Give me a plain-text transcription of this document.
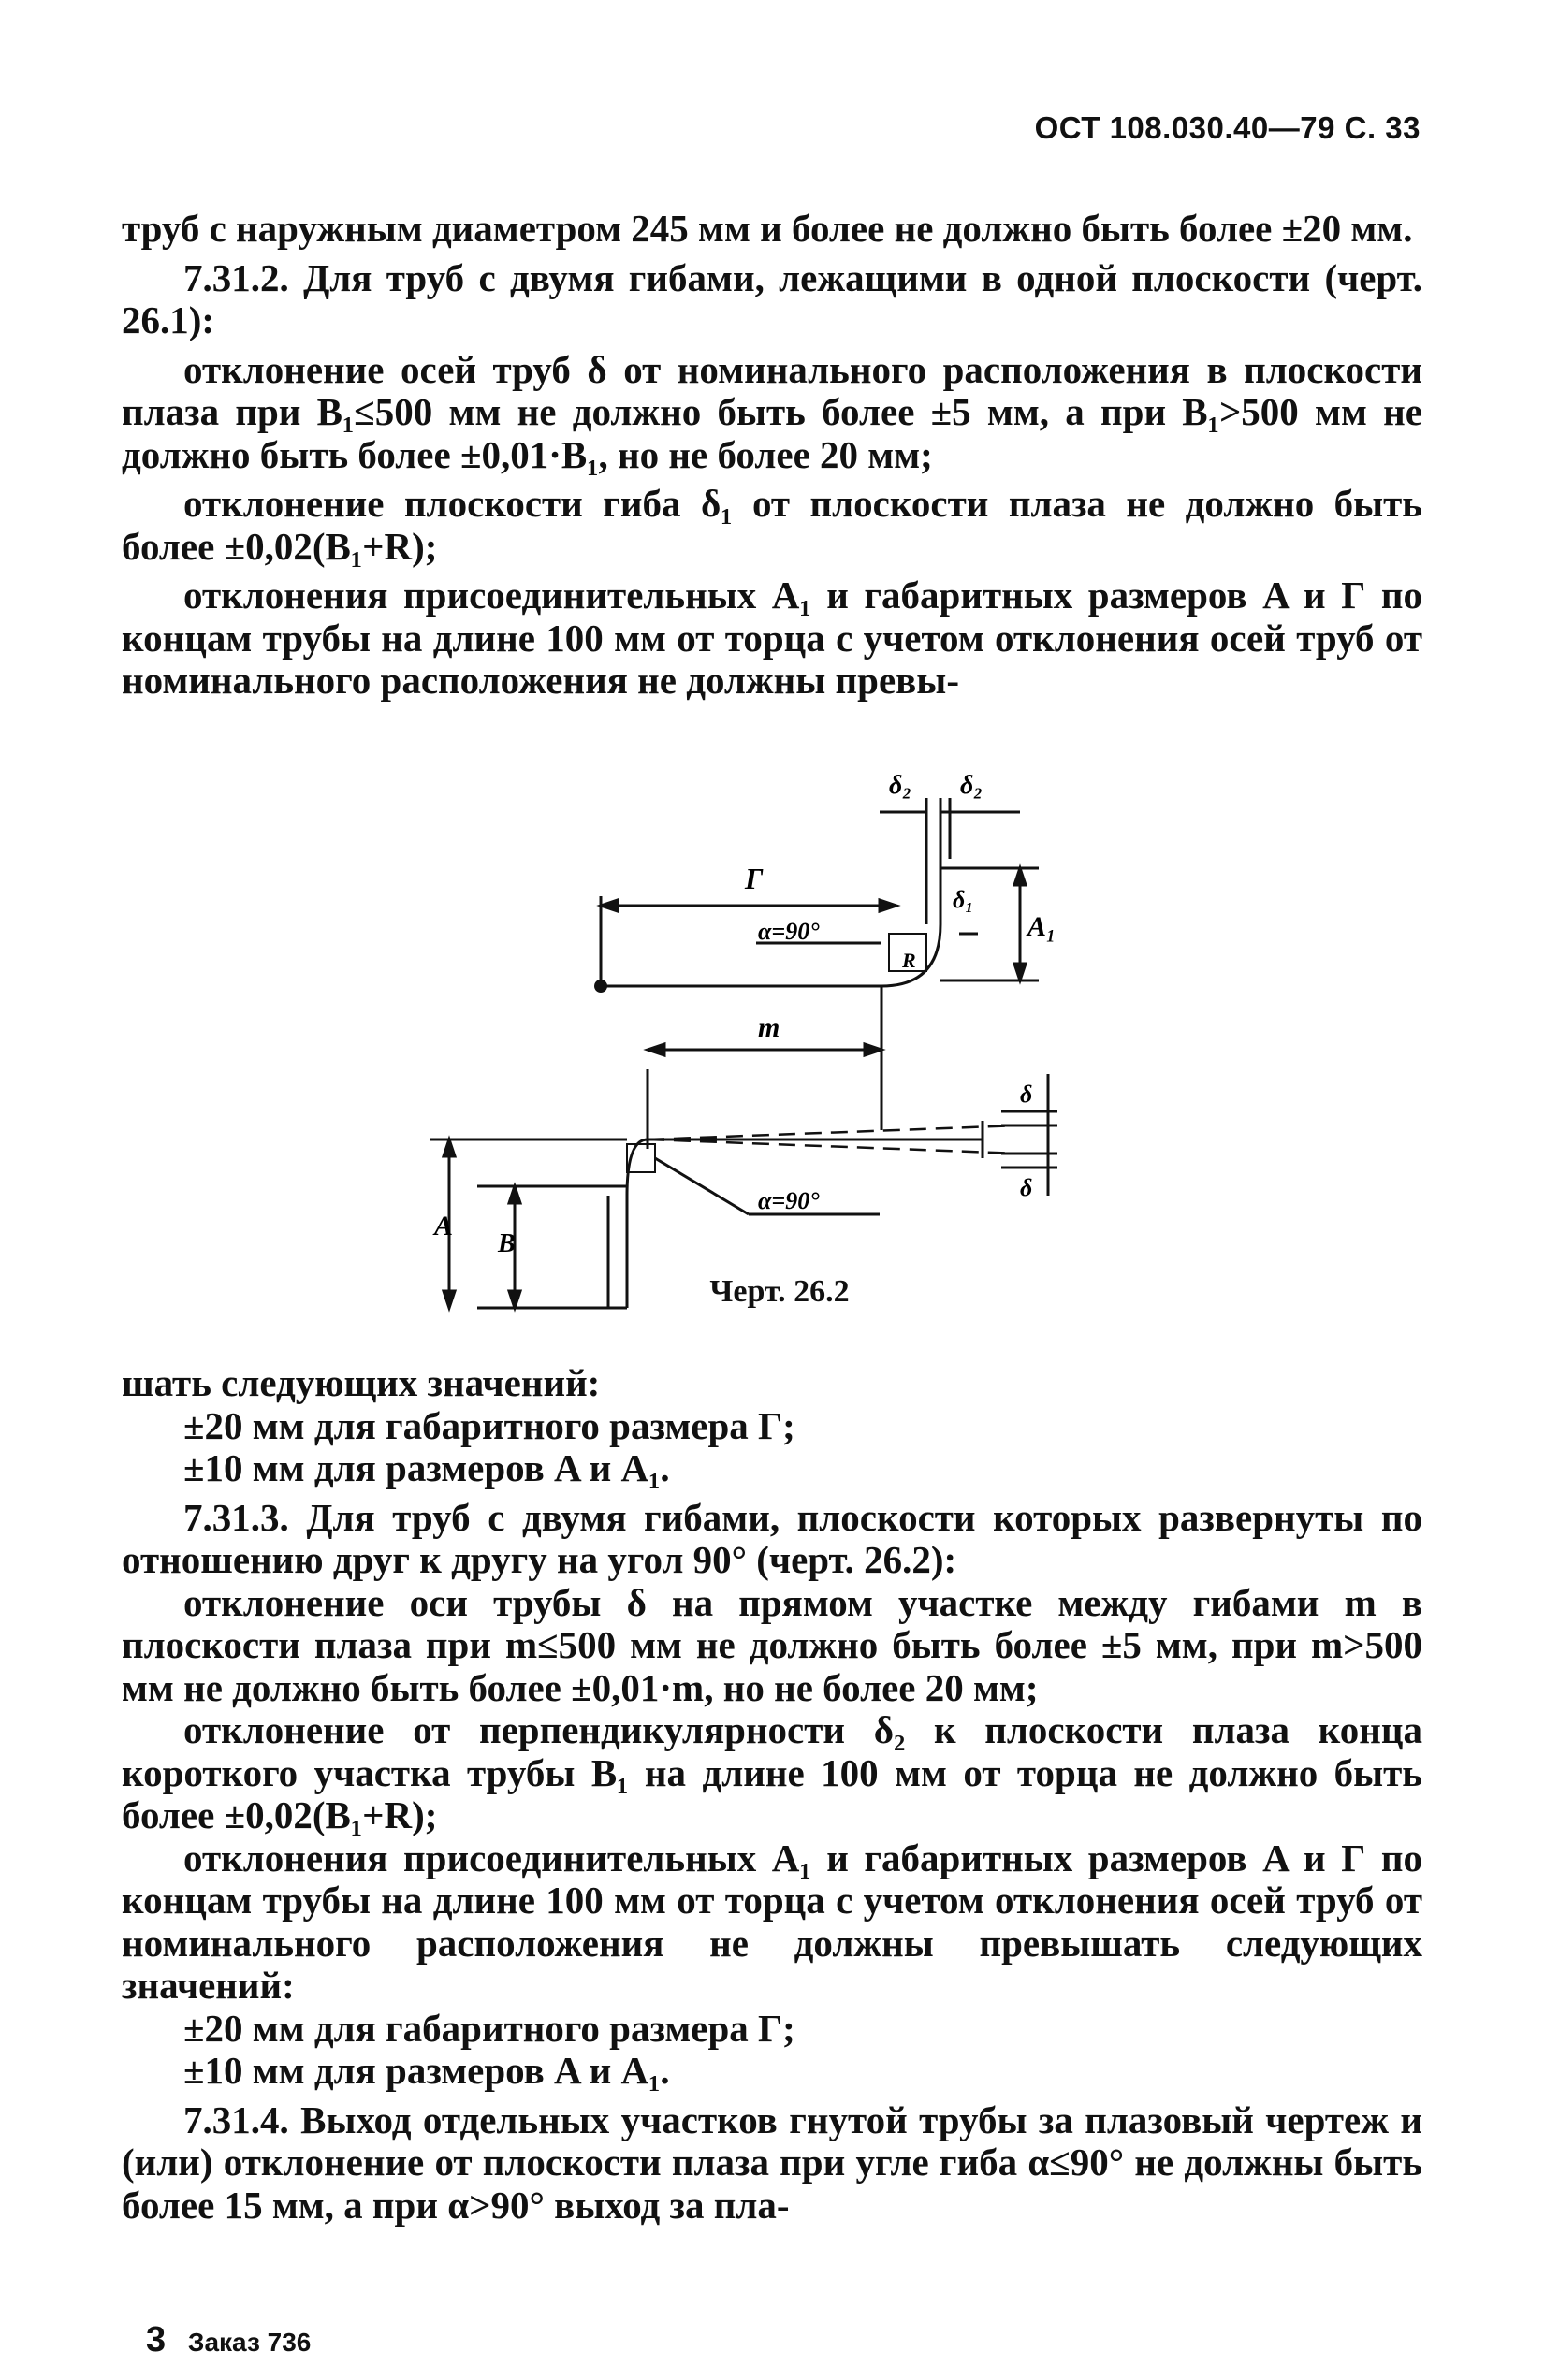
ОСТ 108.030.40—79 С. 33

труб с наружным диаметром 245 мм и более не должно быть более ±20 мм.

7.31.2. Для труб с двумя гибами, лежащими в одной плоскости (черт. 26.1):

отклонение осей труб δ от номинального расположения в плоскости плаза при B₁≤500 мм не должно быть более ±5 мм, а при B₁>500 мм не должно быть более ±0,01·B₁, но не более 20 мм;

отклонение плоскости гиба δ₁ от плоскости плаза не должно быть более ±0,02(B₁+R);

отклонения присоединительных A₁ и габаритных размеров A и Г по концам трубы на длине 100 мм от торца с учетом отклонения осей труб от номинального расположения не должны превы-

δ₂ δ₂
Г
α=90°
R
δ₁
A₁
m
δ
δ
α=90°
A
B
Черт. 26.2

шать следующих значений:

±20 мм для габаритного размера Г;

±10 мм для размеров A и A₁.

7.31.3. Для труб с двумя гибами, плоскости которых развернуты по отношению друг к другу на угол 90° (черт. 26.2):

отклонение оси трубы δ на прямом участке между гибами m в плоскости плаза при m≤500 мм не должно быть более ±5 мм, при m>500 мм не должно быть более ±0,01·m, но не более 20 мм;

отклонение от перпендикулярности δ₂ к плоскости плаза конца короткого участка трубы B₁ на длине 100 мм от торца не должно быть более ±0,02(B₁+R);

отклонения присоединительных A₁ и габаритных размеров A и Г по концам трубы на длине 100 мм от торца с учетом отклонения осей труб от номинального расположения не должны превышать следующих значений:

±20 мм для габаритного размера Г;

±10 мм для размеров A и A₁.

7.31.4. Выход отдельных участков гнутой трубы за плазовый чертеж и (или) отклонение от плоскости плаза при угле гиба α≤90° не должны быть более 15 мм, а при α>90° выход за пла-

3 Заказ 736
